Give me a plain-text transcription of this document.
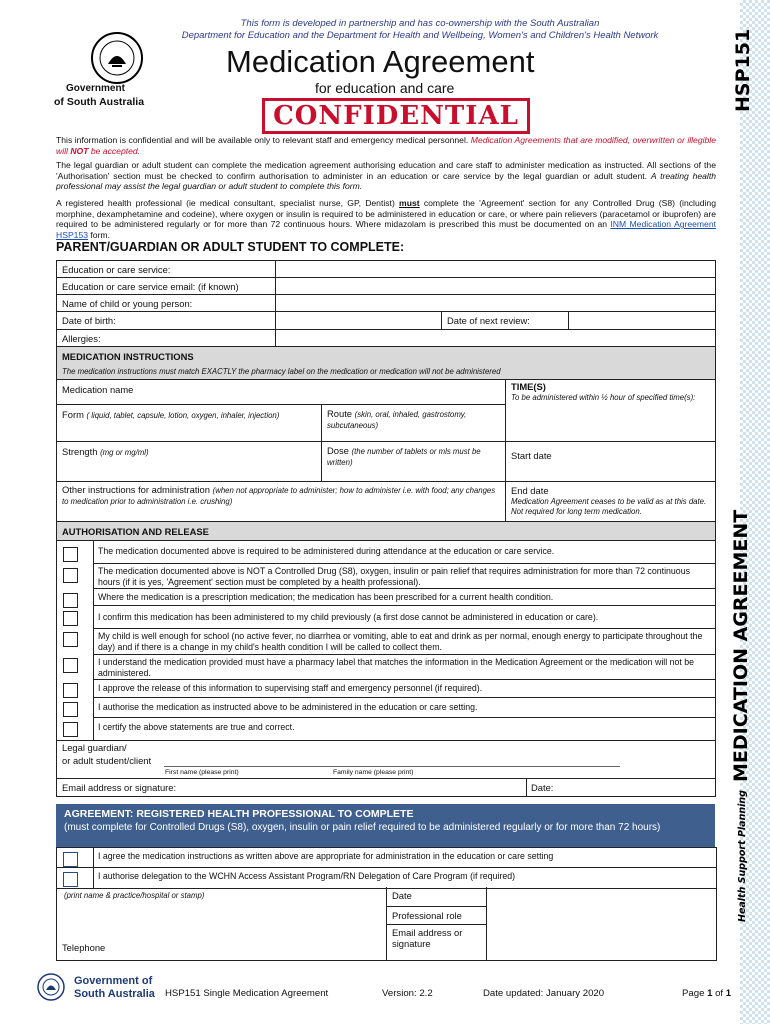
HSP151
MEDICATION AGREEMENT
Health Support Planning
This form is developed in partnership and has co-ownership with the South Australian
Department for Education and the Department for Health and Wellbeing, Women's and Children's Health Network
Government
of South Australia
Medication Agreement
for education and care
CONFIDENTIAL
This information is confidential and will be available only to relevant staff and emergency medical personnel. Medication Agreements that are modified, overwritten or illegible will NOT be accepted.
The legal guardian or adult student can complete the medication agreement authorising education and care staff to administer medication as instructed. All sections of the 'Authorisation' section must be checked to confirm authorisation to administer in an education or care service by the legal guardian or adult student. A treating health professional may assist the legal guardian or adult student to complete this form.
A registered health professional (ie medical consultant, specialist nurse, GP, Dentist) must complete the 'Agreement' section for any Controlled Drug (S8) (including morphine, dexamphetamine and codeine), where oxygen or insulin is required to be administered in education or care, or where pain relievers (paracetamol or ibuprofen) are required to be administered regularly or for more than 72 continuous hours. Where midazolam is prescribed this must be documented on an INM Medication Agreement HSP153 form.
PARENT/GUARDIAN OR ADULT STUDENT TO COMPLETE:
Education or care service:
Education or care service email: (if known)
Name of child or young person:
Date of birth:	Date of next review:
Allergies:
MEDICATION INSTRUCTIONS
The medication instructions must match EXACTLY the pharmacy label on the medication or medication will not be administered
Medication name	TIME(S)
To be administered within ½ hour of specified time(s):
Form ( liquid, tablet, capsule, lotion, oxygen, inhaler, injection)	Route (skin, oral, inhaled, gastrostomy, subcutaneous)
Strength (mg or mg/ml)	Dose (the number of tablets or mls must be written)
Start date
Other instructions for administration (when not appropriate to administer; how to administer i.e. with food; any changes to medication prior to administration i.e. crushing)
End date
Medication Agreement ceases to be valid as at this date. Not required for long term medication.
AUTHORISATION AND RELEASE
The medication documented above is required to be administered during attendance at the education or care service.
The medication documented above is NOT a Controlled Drug (S8), oxygen, insulin or pain relief that requires administration for more than 72 continuous hours (if it is yes, 'Agreement' section must be completed by a health professional).
Where the medication is a prescription medication; the medication has been prescribed for a current health condition.
I confirm this medication has been administered to my child previously (a first dose cannot be administered in education or care).
My child is well enough for school (no active fever, no diarrhea or vomiting, able to eat and drink as per normal, enough energy to participate throughout the day) and if there is a change in my child's health condition I will be called to collect them.
I understand the medication provided must have a pharmacy label that matches the information in the Medication Agreement or the medication will not be administered.
I approve the release of this information to supervising staff and emergency personnel (if required).
I authorise the medication as instructed above to be administered in the education or care setting.
I certify the above statements are true and correct.
Legal guardian/
or adult student/client
First name (please print)	Family name (please print)
Email address or signature:	Date:
AGREEMENT: REGISTERED HEALTH PROFESSIONAL TO COMPLETE
(must complete for Controlled Drugs (S8), oxygen, insulin or pain relief required to be administered regularly or for more than 72 hours)
I agree the medication instructions as written above are appropriate for administration in the education or care setting
I authorise delegation to the WCHN Access Assistant Program/RN Delegation of Care Program (if required)
(print name & practice/hospital or stamp)	Date
Professional role
Email address or signature
Telephone
Government of
South Australia HSP151 Single Medication Agreement	Version: 2.2	Date updated: January 2020	Page 1 of 1
